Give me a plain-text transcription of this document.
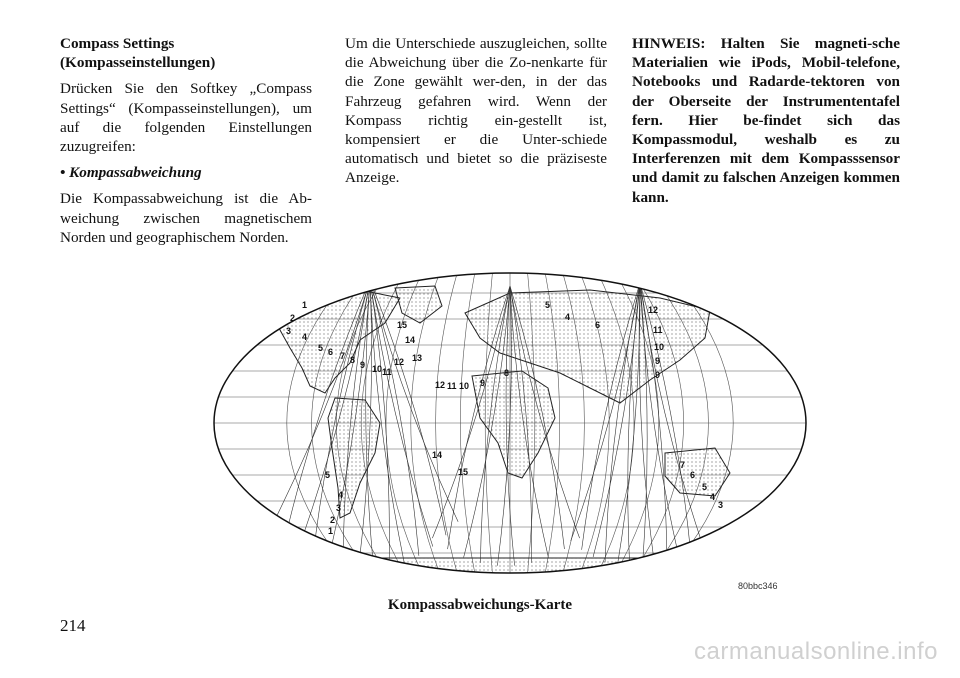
Compass Settings
(Kompasseinstellungen)

Drücken Sie den Softkey „Compass Settings“ (Kompasseinstellungen), um auf die folgenden Einstellungen zuzugreifen:

• Kompassabweichung

Die Kompassabweichung ist die Ab-weichung zwischen magnetischem Norden und geographischem Norden.

Um die Unterschiede auszugleichen, sollte die Abweichung über die Zo-nenkarte für die Zone gewählt wer-den, in der das Fahrzeug gefahren wird. Wenn der Kompass richtig ein-gestellt ist, kompensiert er die Unter-schiede automatisch und bietet so die präziseste Anzeige.

HINWEIS: Halten Sie magneti-sche Materialien wie iPods, Mobil-telefone, Notebooks und Radarde-tektoren von der Oberseite der Instrumententafel fern. Hier be-findet sich das Kompassmodul, weshalb es zu Interferenzen mit dem Kompasssensor und damit zu falschen Anzeigen kommen kann.

1
2
3
4
5 6 7 8 9 10 11
12 13
14
15
12 11 10 9
8
5
4
6
12
11
10
9
9
7
6
5
4
3
5
4
3
2
1
14
15
80bbc346
Kompassabweichungs-Karte
214
carmanualsonline.info
